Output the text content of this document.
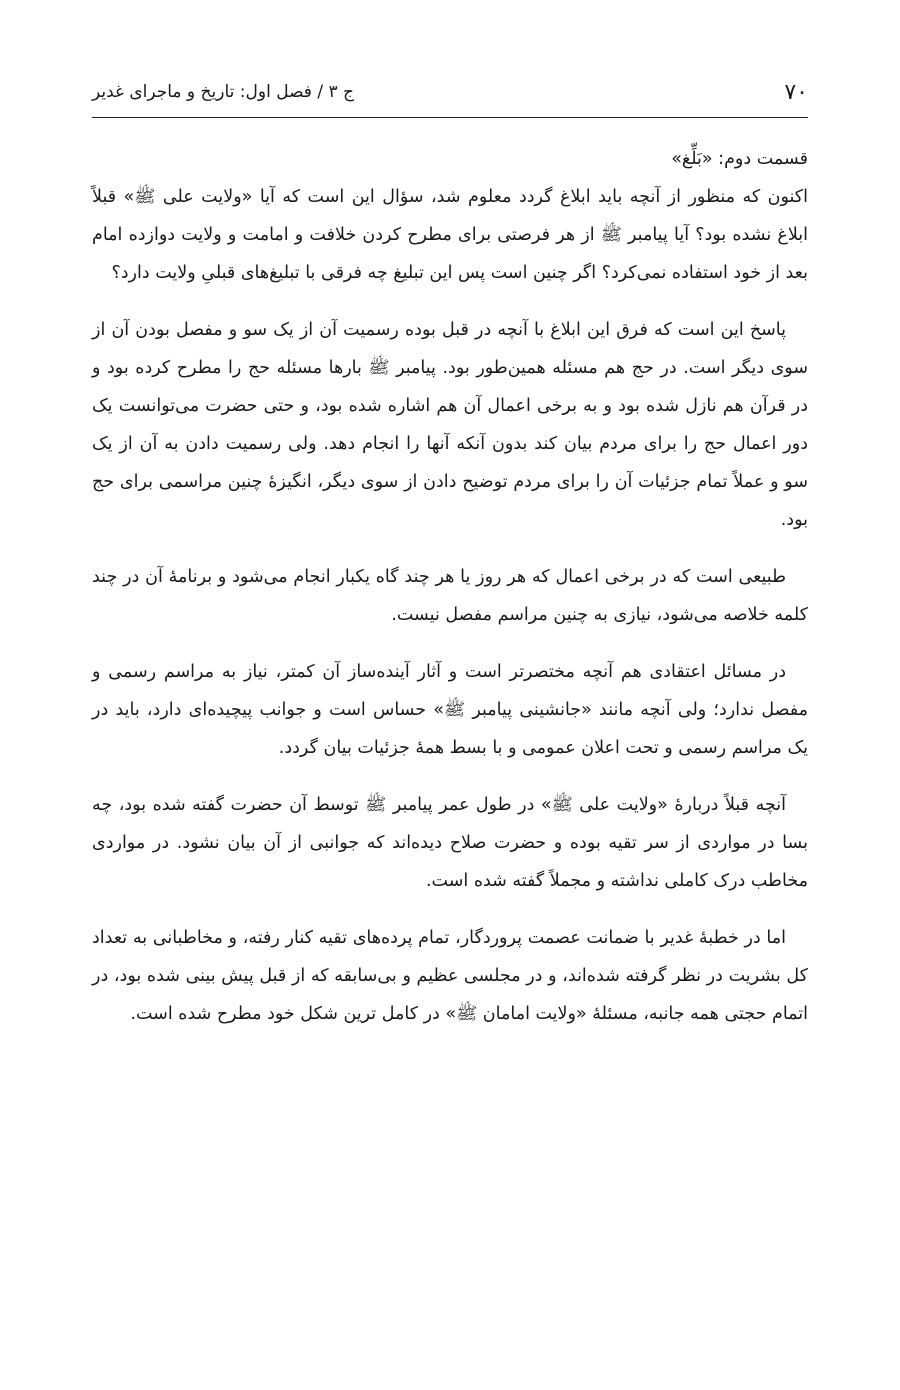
۷۰
ج ۳ / فصل اول: تاریخ و ماجرای غدیر
قسمت دوم: «بَلِّغ»

اکنون که منظور از آنچه باید ابلاغ گردد معلوم شد، سؤال این است که آیا «ولایت علی ﷺ» قبلاً ابلاغ نشده بود؟ آیا پیامبر ﷺ از هر فرصتی برای مطرح کردن خلافت و امامت و ولایت دوازده امام بعد از خود استفاده نمی‌کرد؟ اگر چنین است پس این تبلیغ چه فرقی با تبلیغ‌های قبلیِ ولایت دارد؟

پاسخ این است که فرق این ابلاغ با آنچه در قبل بوده رسمیت آن از یک سو و مفصل بودن آن از سوی دیگر است. در حج هم مسئله همین‌طور بود. پیامبر ﷺ بارها مسئله حج را مطرح کرده بود و در قرآن هم نازل شده بود و به برخی اعمال آن هم اشاره شده بود، و حتی حضرت می‌توانست یک دور اعمال حج را برای مردم بیان کند بدون آنکه آنها را انجام دهد. ولی رسمیت دادن به آن از یک سو و عملاً تمام جزئیات آن را برای مردم توضیح دادن از سوی دیگر، انگیزهٔ چنین مراسمی برای حج بود.

طبیعی است که در برخی اعمال که هر روز یا هر چند گاه یکبار انجام می‌شود و برنامهٔ آن در چند کلمه خلاصه می‌شود، نیازی به چنین مراسم مفصل نیست.

در مسائل اعتقادی هم آنچه مختصرتر است و آثار آینده‌ساز آن کمتر، نیاز به مراسم رسمی و مفصل ندارد؛ ولی آنچه مانند «جانشینی پیامبر ﷺ» حساس است و جوانب پیچیده‌ای دارد، باید در یک مراسم رسمی و تحت اعلان عمومی و با بسط همهٔ جزئیات بیان گردد.

آنچه قبلاً دربارهٔ «ولایت علی ﷺ» در طول عمر پیامبر ﷺ توسط آن حضرت گفته شده بود، چه بسا در مواردی از سر تقیه بوده و حضرت صلاح دیده‌اند که جوانبی از آن بیان نشود. در مواردی مخاطب درک کاملی نداشته و مجملاً گفته شده است.

اما در خطبهٔ غدیر با ضمانت عصمت پروردگار، تمام پرده‌های تقیه کنار رفته، و مخاطبانی به تعداد کل بشریت در نظر گرفته شده‌اند، و در مجلسی عظیم و بی‌سابقه که از قبل پیش بینی شده بود، در اتمام حجتی همه جانبه، مسئلهٔ «ولایت امامان ﷺ» در کامل ترین شکل خود مطرح شده است.
